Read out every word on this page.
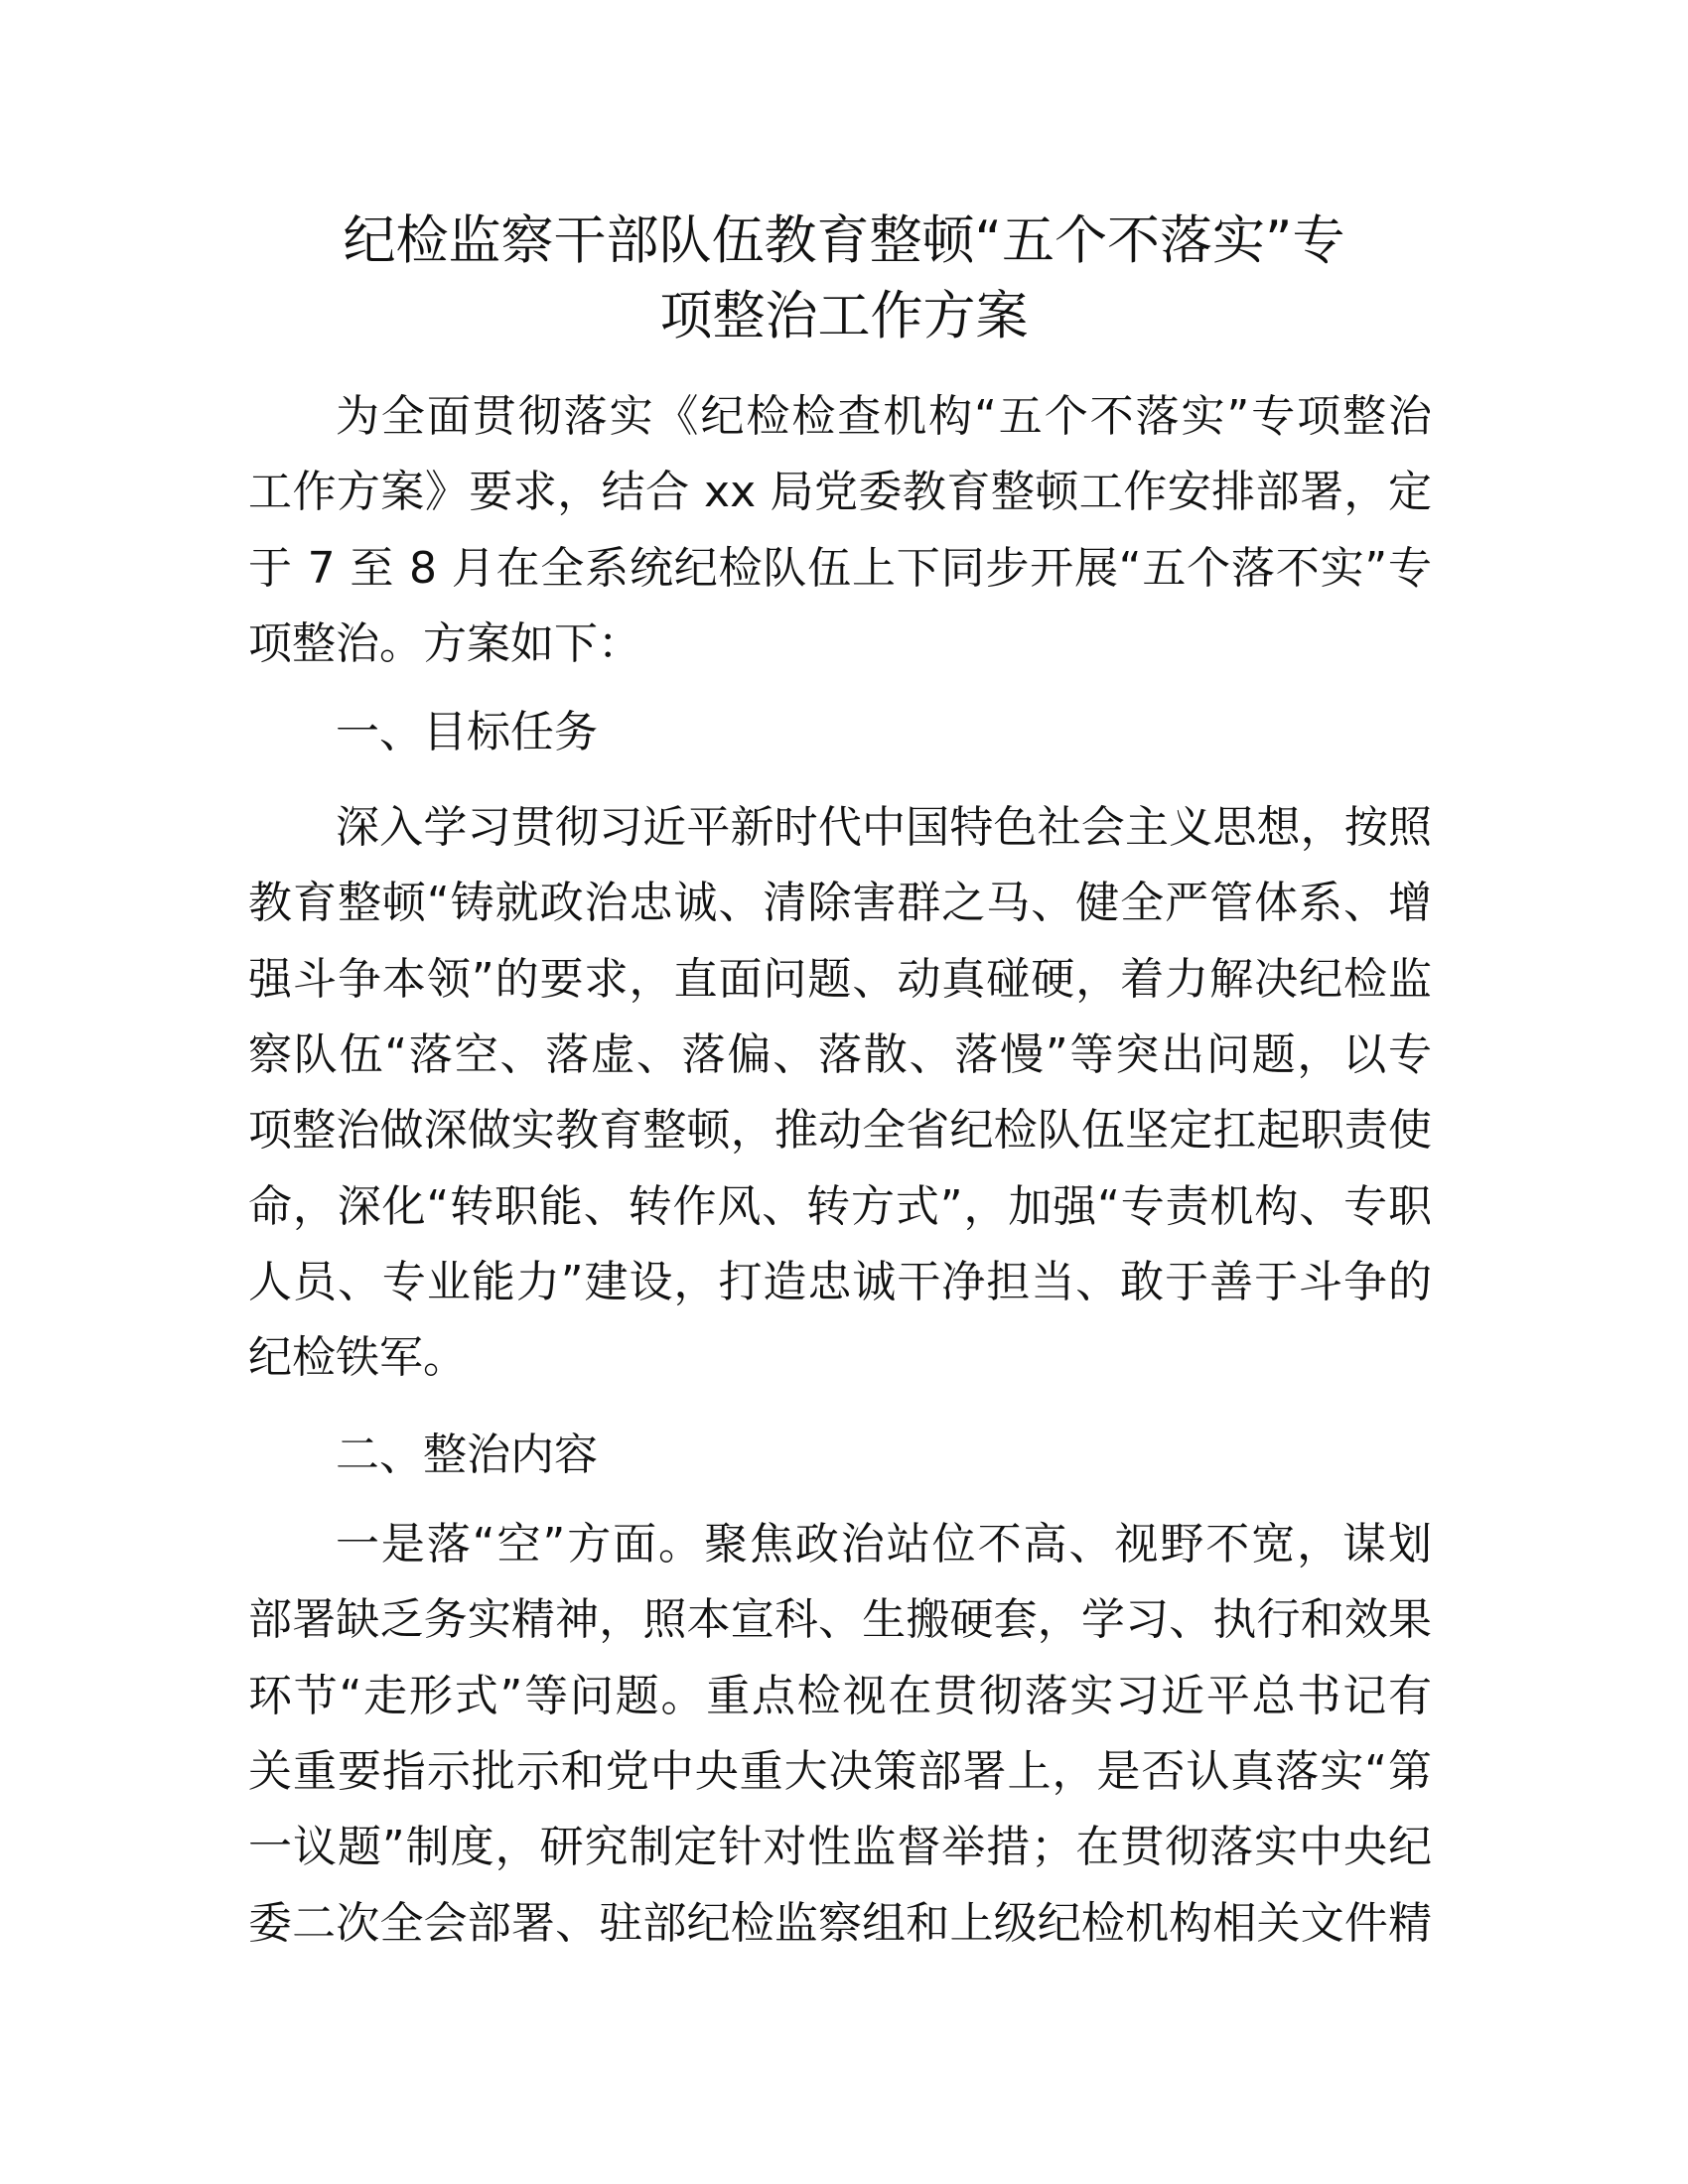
纪检监察干部队伍教育整顿“五个不落实”专
项整治工作方案
为全面贯彻落实《纪检检查机构“五个不落实”专项整治
工作方案》要求，结合 xx 局党委教育整顿工作安排部署，定
于 7 至 8 月在全系统纪检队伍上下同步开展“五个落不实”专
项整治。方案如下：
一、目标任务
深入学习贯彻习近平新时代中国特色社会主义思想，按照
教育整顿“铸就政治忠诚、清除害群之马、健全严管体系、增
强斗争本领”的要求，直面问题、动真碰硬，着力解决纪检监
察队伍“落空、落虚、落偏、落散、落慢”等突出问题，以专
项整治做深做实教育整顿，推动全省纪检队伍坚定扛起职责使
命，深化“转职能、转作风、转方式”，加强“专责机构、专职
人员、专业能力”建设，打造忠诚干净担当、敢于善于斗争的
纪检铁军。
二、整治内容
一是落“空”方面。聚焦政治站位不高、视野不宽，谋划
部署缺乏务实精神，照本宣科、生搬硬套，学习、执行和效果
环节“走形式”等问题。重点检视在贯彻落实习近平总书记有
关重要指示批示和党中央重大决策部署上，是否认真落实“第
一议题”制度，研究制定针对性监督举措；在贯彻落实中央纪
委二次全会部署、驻部纪检监察组和上级纪检机构相关文件精
